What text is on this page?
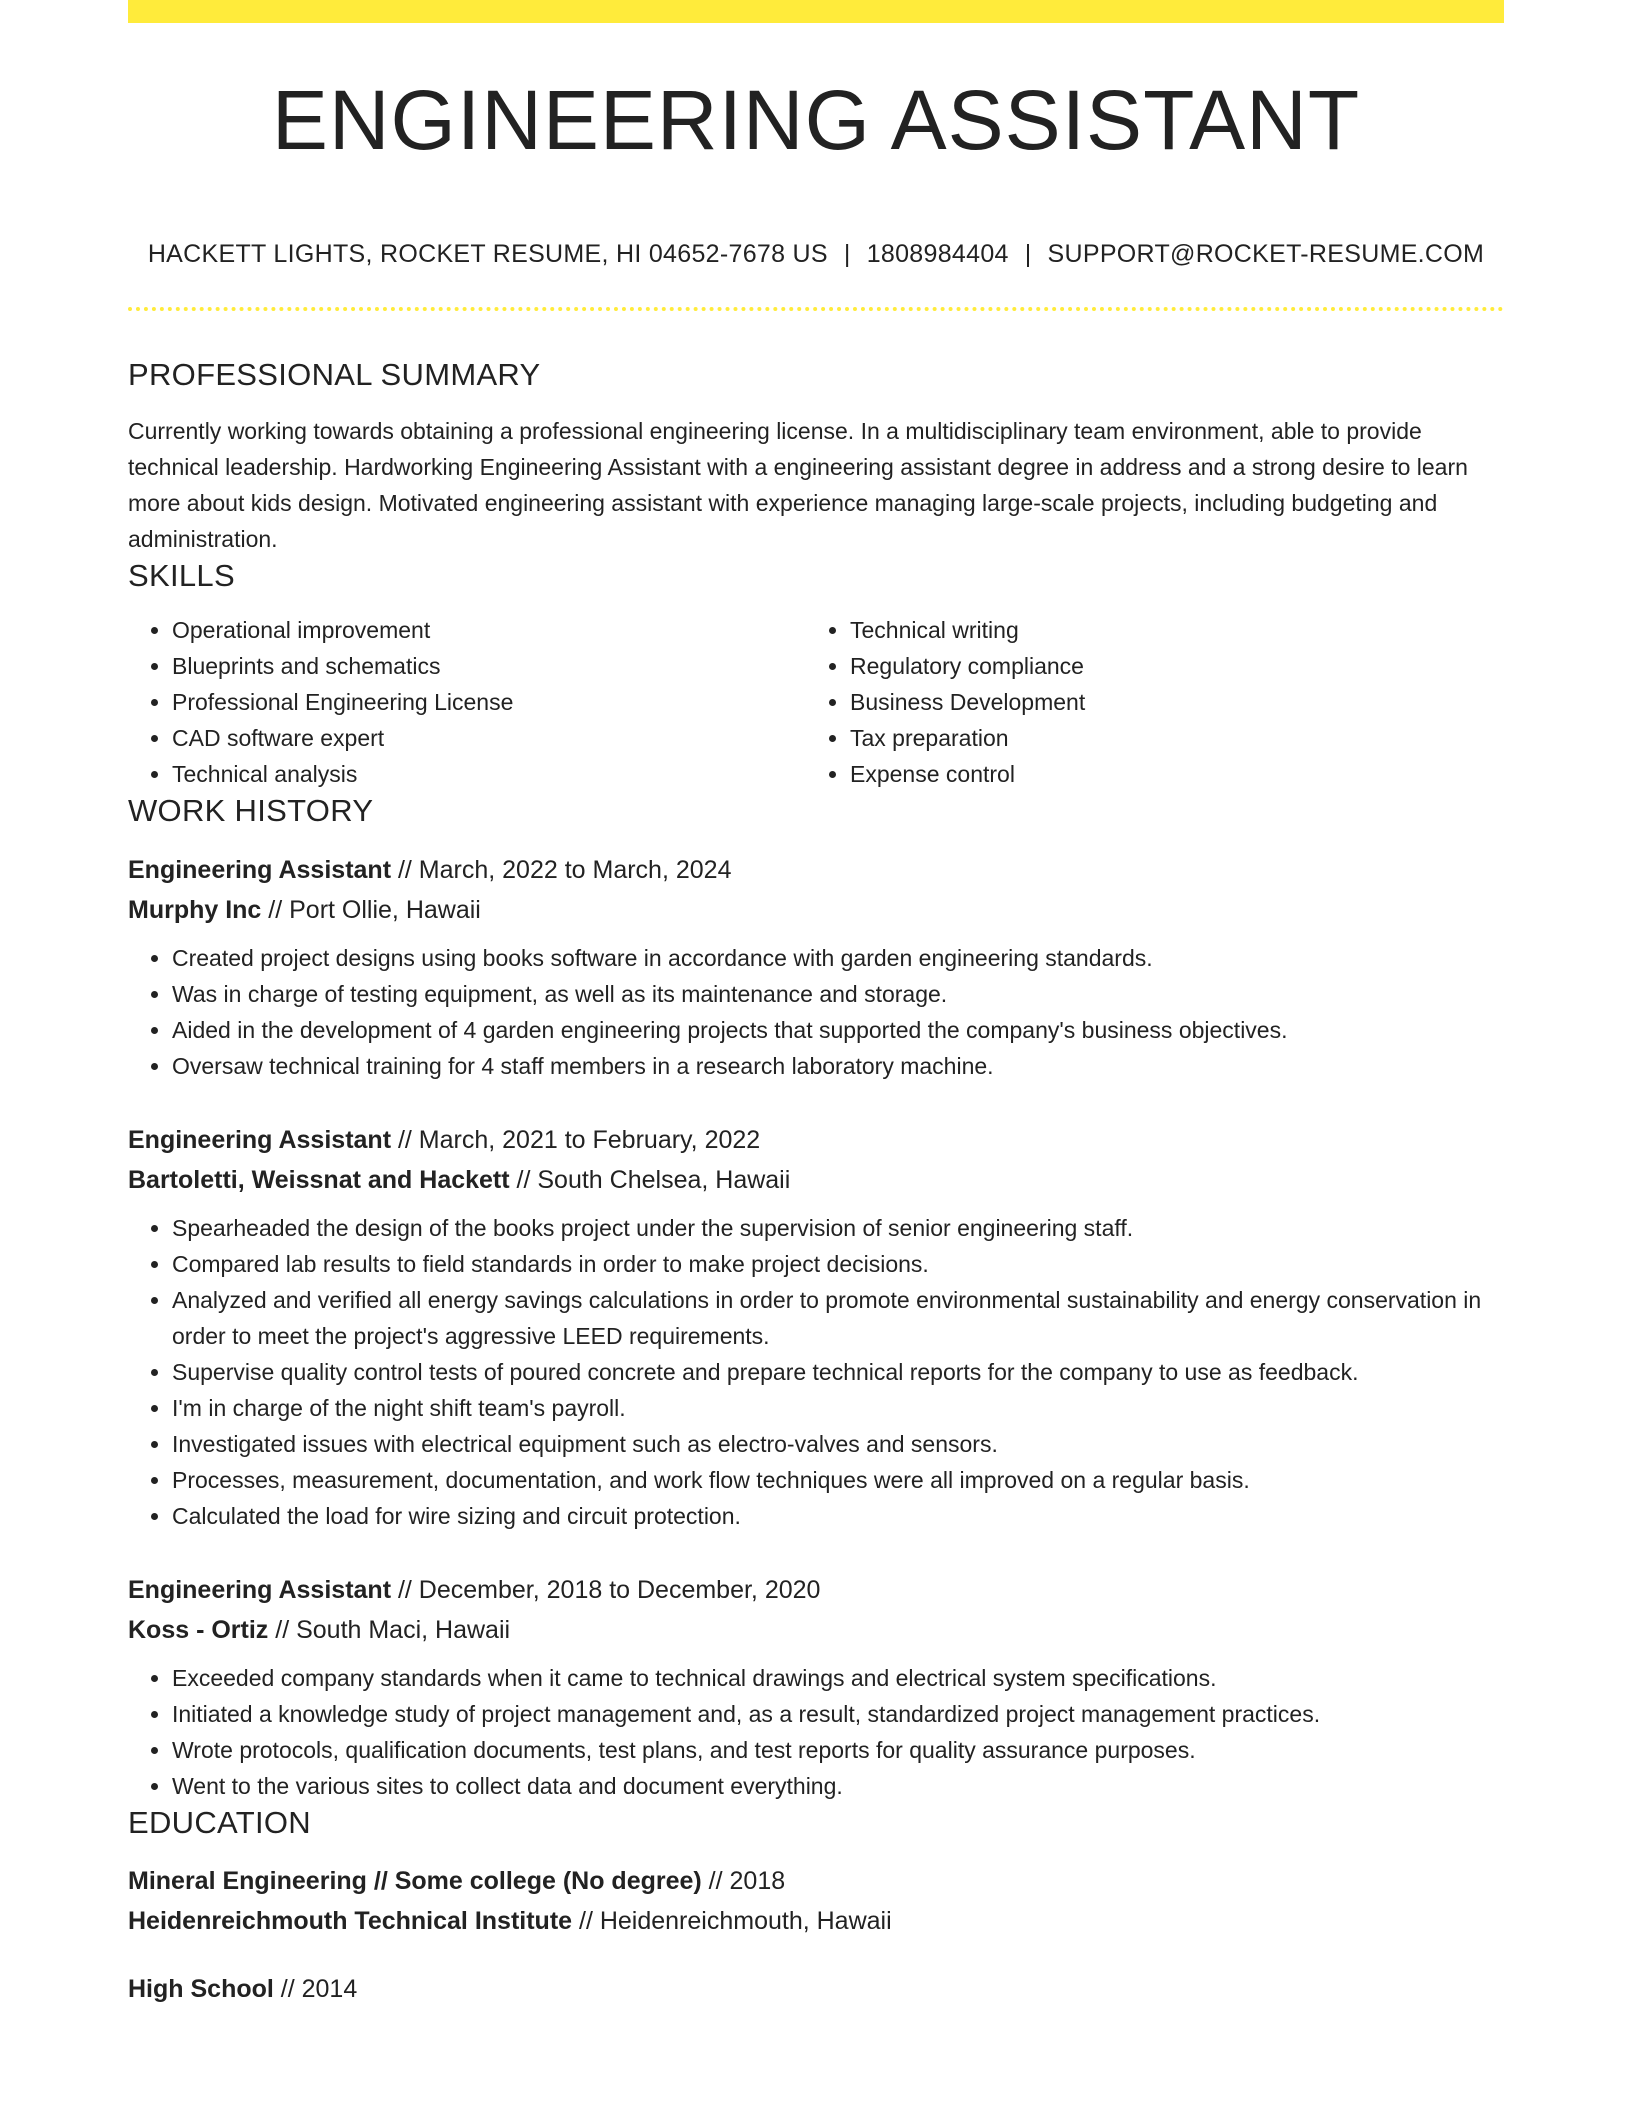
ENGINEERING ASSISTANT
HACKETT LIGHTS, ROCKET RESUME, HI 04652-7678 US | 1808984404 | SUPPORT@ROCKET-RESUME.COM
PROFESSIONAL SUMMARY

Currently working towards obtaining a professional engineering license. In a multidisciplinary team environment, able to provide technical leadership. Hardworking Engineering Assistant with a engineering assistant degree in address and a strong desire to learn more about kids design. Motivated engineering assistant with experience managing large-scale projects, including budgeting and administration.

SKILLS
• Operational improvement
• Blueprints and schematics
• Professional Engineering License
• CAD software expert
• Technical analysis
• Technical writing
• Regulatory compliance
• Business Development
• Tax preparation
• Expense control
WORK HISTORY
Engineering Assistant // March, 2022 to March, 2024
Murphy Inc // Port Ollie, Hawaii
• Created project designs using books software in accordance with garden engineering standards.
• Was in charge of testing equipment, as well as its maintenance and storage.
• Aided in the development of 4 garden engineering projects that supported the company's business objectives.
• Oversaw technical training for 4 staff members in a research laboratory machine.
Engineering Assistant // March, 2021 to February, 2022
Bartoletti, Weissnat and Hackett // South Chelsea, Hawaii
• Spearheaded the design of the books project under the supervision of senior engineering staff.
• Compared lab results to field standards in order to make project decisions.
• Analyzed and verified all energy savings calculations in order to promote environmental sustainability and energy conservation in order to meet the project's aggressive LEED requirements.
• Supervise quality control tests of poured concrete and prepare technical reports for the company to use as feedback.
• I'm in charge of the night shift team's payroll.
• Investigated issues with electrical equipment such as electro-valves and sensors.
• Processes, measurement, documentation, and work flow techniques were all improved on a regular basis.
• Calculated the load for wire sizing and circuit protection.
Engineering Assistant // December, 2018 to December, 2020
Koss - Ortiz // South Maci, Hawaii
• Exceeded company standards when it came to technical drawings and electrical system specifications.
• Initiated a knowledge study of project management and, as a result, standardized project management practices.
• Wrote protocols, qualification documents, test plans, and test reports for quality assurance purposes.
• Went to the various sites to collect data and document everything.
EDUCATION
Mineral Engineering // Some college (No degree) // 2018
Heidenreichmouth Technical Institute // Heidenreichmouth, Hawaii
High School // 2014
